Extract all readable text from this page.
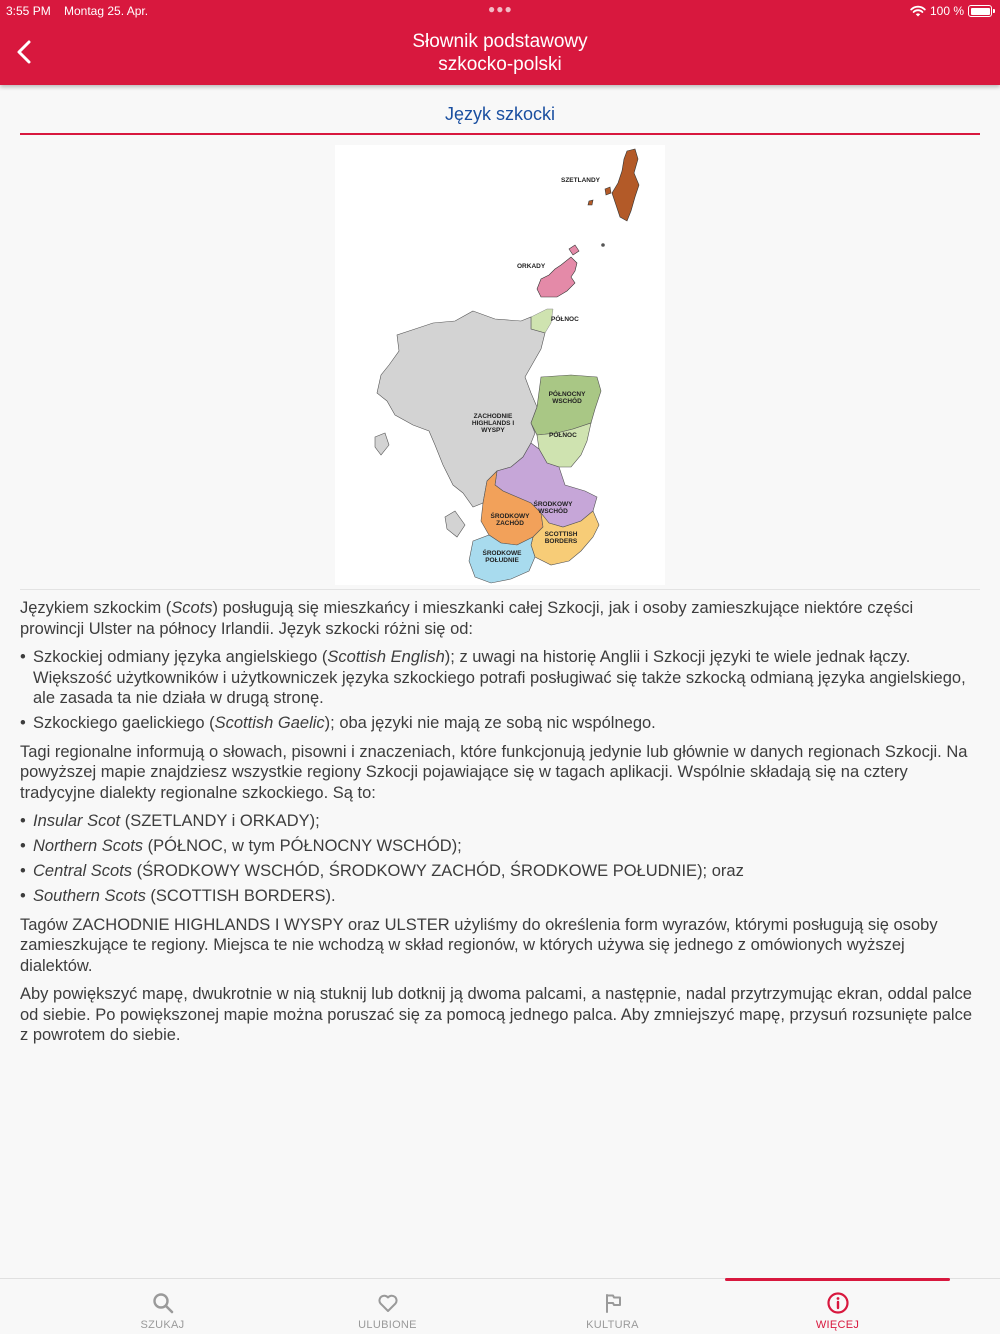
3:55 PM Montag 25. Apr.	●●●	100 %
Słownik podstawowy
szkocko-polski
Język szkocki
SZETLANDY
ORKADY
PÓŁNOC
PÓŁNOCNY WSCHÓD
PÓŁNOC
ZACHODNIE HIGHLANDS I WYSPY
ŚRODKOWY WSCHÓD
ŚRODKOWY ZACHÓD
SCOTTISH BORDERS
ŚRODKOWE POŁUDNIE

Językiem szkockim (Scots) posługują się mieszkańcy i mieszkanki całej Szkocji, jak i osoby zamieszkujące niektóre części prowincji Ulster na północy Irlandii. Język szkocki różni się od:

• Szkockiej odmiany języka angielskiego (Scottish English); z uwagi na historię Anglii i Szkocji języki te wiele jednak łączy. Większość użytkowników i użytkowniczek języka szkockiego potrafi posługiwać się także szkocką odmianą języka angielskiego, ale zasada ta nie działa w drugą stronę.
• Szkockiego gaelickiego (Scottish Gaelic); oba języki nie mają ze sobą nic wspólnego.

Tagi regionalne informują o słowach, pisowni i znaczeniach, które funkcjonują jedynie lub głównie w danych regionach Szkocji. Na powyższej mapie znajdziesz wszystkie regiony Szkocji pojawiające się w tagach aplikacji. Wspólnie składają się na cztery tradycyjne dialekty regionalne szkockiego. Są to:

• Insular Scot (SZETLANDY i ORKADY);
• Northern Scots (PÓŁNOC, w tym PÓŁNOCNY WSCHÓD);
• Central Scots (ŚRODKOWY WSCHÓD, ŚRODKOWY ZACHÓD, ŚRODKOWE POŁUDNIE); oraz
• Southern Scots (SCOTTISH BORDERS).

Tagów ZACHODNIE HIGHLANDS I WYSPY oraz ULSTER użyliśmy do określenia form wyrazów, którymi posługują się osoby zamieszkujące te regiony. Miejsca te nie wchodzą w skład regionów, w których używa się jednego z omówionych wyższej dialektów.

Aby powiększyć mapę, dwukrotnie w nią stuknij lub dotknij ją dwoma palcami, a następnie, nadal przytrzymując ekran, oddal palce od siebie. Po powiększonej mapie można poruszać się za pomocą jednego palca. Aby zmniejszyć mapę, przysuń rozsunięte palce z powrotem do siebie.

SZUKAJ	ULUBIONE	KULTURA	WIĘCEJ
